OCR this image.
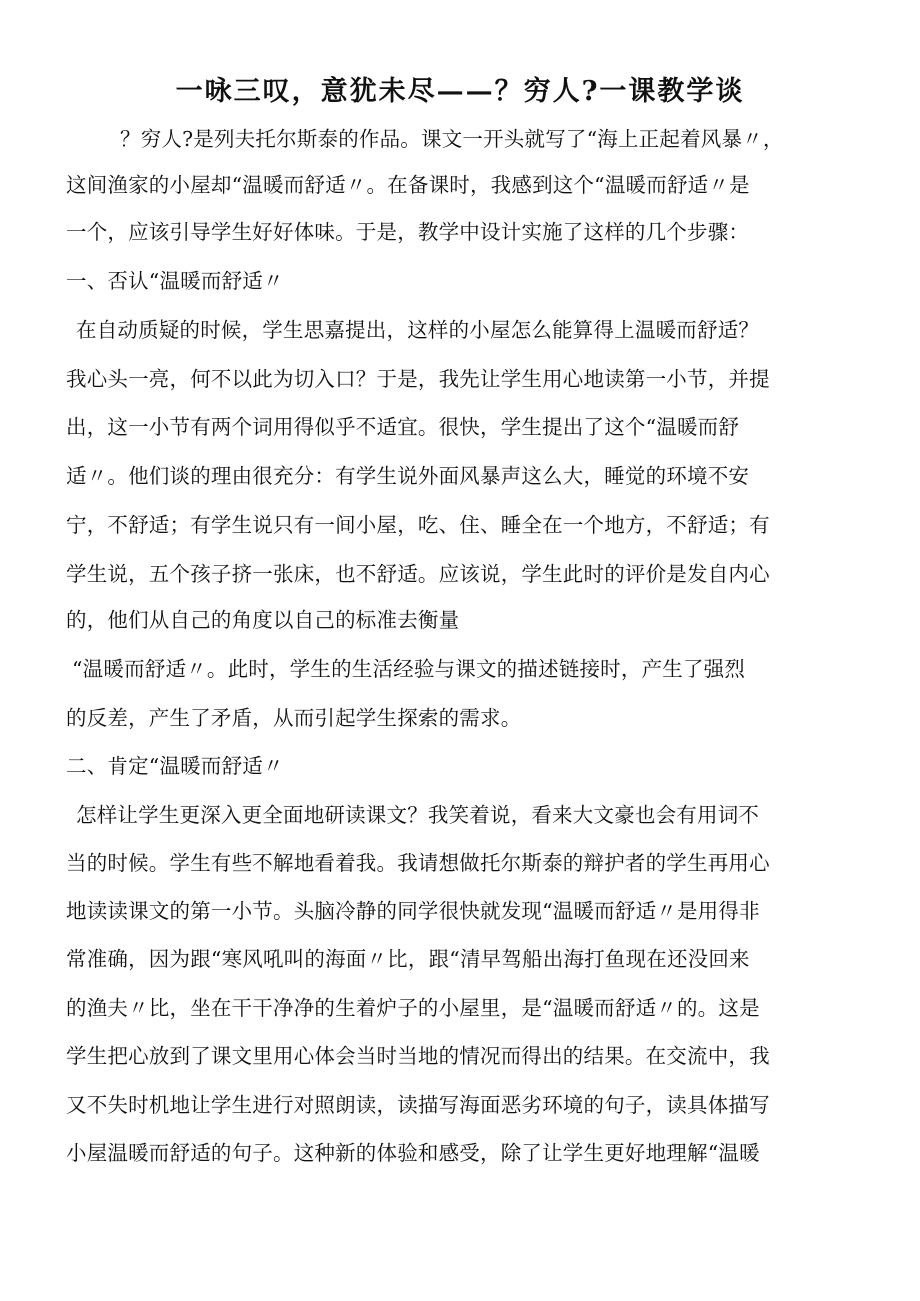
一咏三叹，意犹未尽——？穷人?一课教学谈
？穷人?是列夫托尔斯泰的作品。课文一开头就写了“海上正起着风暴〃，
这间渔家的小屋却“温暖而舒适〃。在备课时，我感到这个“温暖而舒适〃是
一个，应该引导学生好好体味。于是，教学中设计实施了这样的几个步骤：
一、否认“温暖而舒适〃
在自动质疑的时候，学生思嘉提出，这样的小屋怎么能算得上温暖而舒适？
我心头一亮，何不以此为切入口？于是，我先让学生用心地读第一小节，并提
出，这一小节有两个词用得似乎不适宜。很快，学生提出了这个“温暖而舒
适〃。他们谈的理由很充分：有学生说外面风暴声这么大，睡觉的环境不安
宁，不舒适；有学生说只有一间小屋，吃、住、睡全在一个地方，不舒适；有
学生说，五个孩子挤一张床，也不舒适。应该说，学生此时的评价是发自内心
的，他们从自己的角度以自己的标准去衡量
“温暖而舒适〃。此时，学生的生活经验与课文的描述链接时，产生了强烈
的反差，产生了矛盾，从而引起学生探索的需求。
二、肯定“温暖而舒适〃
怎样让学生更深入更全面地研读课文？我笑着说，看来大文豪也会有用词不
当的时候。学生有些不解地看着我。我请想做托尔斯泰的辩护者的学生再用心
地读读课文的第一小节。头脑冷静的同学很快就发现“温暖而舒适〃是用得非
常准确，因为跟“寒风吼叫的海面〃比，跟“清早驾船出海打鱼现在还没回来
的渔夫〃比，坐在干干净净的生着炉子的小屋里，是“温暖而舒适〃的。这是
学生把心放到了课文里用心体会当时当地的情况而得出的结果。在交流中，我
又不失时机地让学生进行对照朗读，读描写海面恶劣环境的句子，读具体描写
小屋温暖而舒适的句子。这种新的体验和感受，除了让学生更好地理解“温暖
